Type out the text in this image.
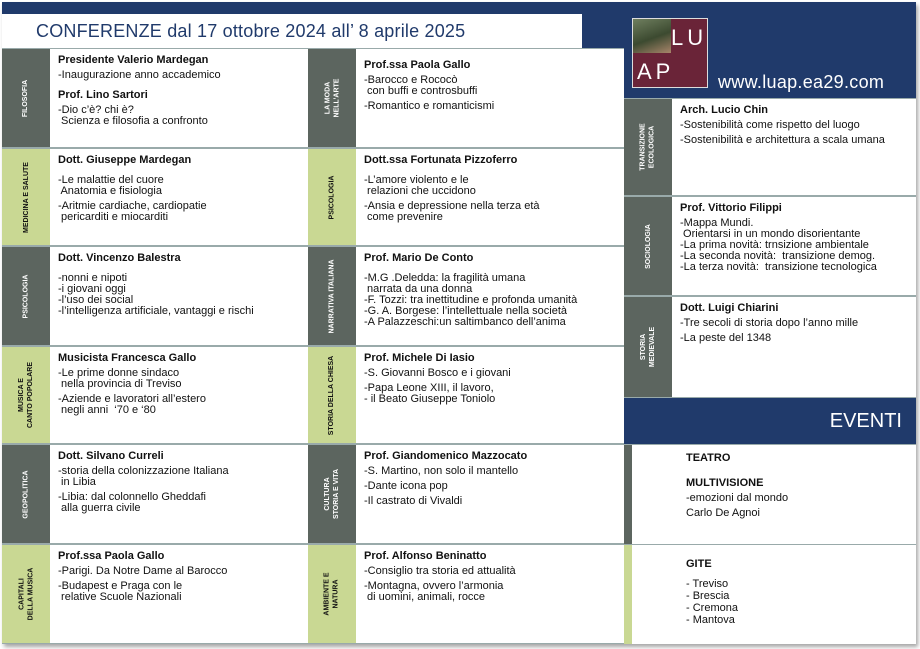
CONFERENZE dal 17 ottobre 2024 all’ 8 aprile 2025	LU
AP www.luap.ea29.com
FILOSOFIA
Presidente Valerio Mardegan
-Inaugurazione anno accademico
Prof. Lino Sartori
-Dio c’è? chi è?
Scienza e filosofia a confronto
MEDICINA E SALUTE
Dott. Giuseppe Mardegan
-Le malattie del cuore
Anatomia e fisiologia
-Aritmie cardiache, cardiopatie
pericarditi e miocarditi
PSICOLOGIA
Dott. Vincenzo Balestra
-nonni e nipoti
-i giovani oggi
-l’uso dei social
-l’intelligenza artificiale, vantaggi e rischi
MUSICA E
CANTO POPOLARE
Musicista Francesca Gallo
-Le prime donne sindaco
nella provincia di Treviso
-Aziende e lavoratori all’estero
negli anni  ‘70 e ‘80
GEOPOLITICA
Dott. Silvano Curreli
-storia della colonizzazione Italiana
in Libia
-Libia: dal colonnello Gheddafi
alla guerra civile
CAPITALI
DELLA MUSICA
Prof.ssa Paola Gallo
-Parigi. Da Notre Dame al Barocco
-Budapest e Praga con le
relative Scuole Nazionali
LA MODA
NELL’ARTE
Prof.ssa Paola Gallo
-Barocco e Rococò
con buffi e controsbuffi
-Romantico e romanticismi
PSICOLOGIA
Dott.ssa Fortunata Pizzoferro
-L’amore violento e le
relazioni che uccidono
-Ansia e depressione nella terza età
come prevenire
NARRATIVA ITALIANA
Prof. Mario De Conto
-M.G .Deledda: la fragilità umana
narrata da una donna
-F. Tozzi: tra inettitudine e profonda umanità
-G. A. Borgese: l’intellettuale nella società
-A Palazzeschi:un saltimbanco dell’anima
STORIA DELLA CHIESA	Prof. Michele Di Iasio
-S. Giovanni Bosco e i giovani
-Papa Leone XIII, il lavoro,
- il Beato Giuseppe Toniolo
CULTURA
STORIA E VITA
Prof. Giandomenico Mazzocato
-S. Martino, non solo il mantello
-Dante icona pop
-Il castrato di Vivaldi
AMBIENTE E
NATURA
Prof. Alfonso Beninatto
-Consiglio tra storia ed attualità
-Montagna, ovvero l’armonia
di uomini, animali, rocce
TRANSIZIONE
ECOLOGICA
Arch. Lucio Chin
-Sostenibilità come rispetto del luogo
-Sostenibilità e architettura a scala umana
SOCIOLOGIA
Prof. Vittorio Filippi
-Mappa Mundi.
Orientarsi in un mondo disorientante
-La prima novità: trnsizione ambientale
-La seconda novità:  transizione demog.
-La terza novità:  transizione tecnologica
STORIA
MEDIEVALE
Dott. Luigi Chiarini
-Tre secoli di storia dopo l’anno mille
-La peste del 1348
EVENTI
TEATRO
MULTIVISIONE
-emozioni dal mondo
Carlo De Agnoi
GITE
- Treviso
- Brescia
- Cremona
- Mantova
